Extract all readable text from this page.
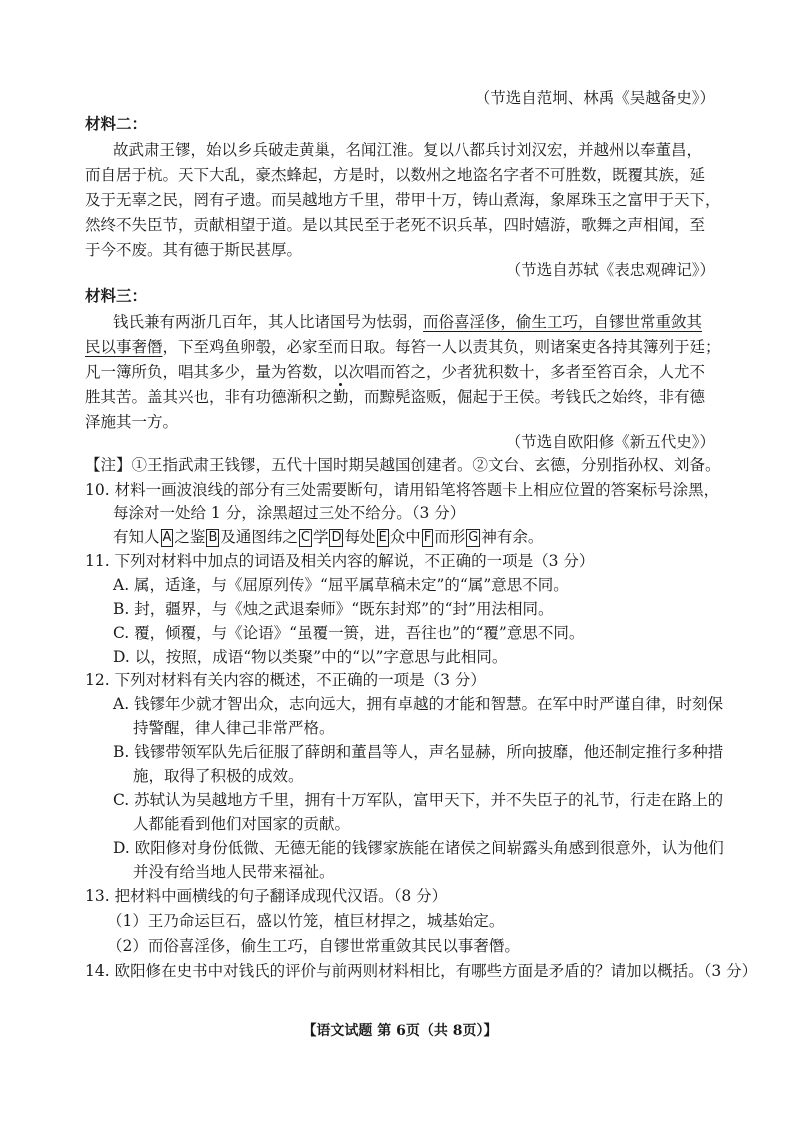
（节选自范坰、林禹《吴越备史》）
材料二：
故武肃王镠，始以乡兵破走黄巢，名闻江淮。复以八都兵讨刘汉宏，并越州以奉董昌，
而自居于杭。天下大乱，豪杰蜂起，方是时，以数州之地盗名字者不可胜数，既覆其族，延
及于无辜之民，罔有孑遗。而吴越地方千里，带甲十万，铸山煮海，象犀珠玉之富甲于天下，
然终不失臣节，贡献相望于道。是以其民至于老死不识兵革，四时嬉游，歌舞之声相闻，至
于今不废。其有德于斯民甚厚。
（节选自苏轼《表忠观碑记》）
材料三：
钱氏兼有两浙几百年，其人比诸国号为怯弱，而俗喜淫侈，偷生工巧，自镠世常重敛其
民以事奢僭，下至鸡鱼卵彀，必家至而日取。每笞一人以责其负，则诸案吏各持其簿列于廷；
凡一簿所负，唱其多少，量为笞数，以次唱而笞之，少者犹积数十，多者至笞百余，人尤不
胜其苦。盖其兴也，非有功德渐积之勤，而黥髡盗贩，倔起于王侯。考钱氏之始终，非有德
泽施其一方。
（节选自欧阳修《新五代史》）
【注】①王指武肃王钱镠，五代十国时期吴越国创建者。②文台、玄德，分别指孙权、刘备。
10. 材料一画波浪线的部分有三处需要断句，请用铅笔将答题卡上相应位置的答案标号涂黑，
每涂对一处给 1 分，涂黑超过三处不给分。（3 分）
有知人 A 之鉴 B 及通图纬之 C 学 D 每处 E 众中 F 而形 G 神有余。
11. 下列对材料中加点的词语及相关内容的解说，不正确的一项是（3 分）
A. 属，适逢，与《屈原列传》“屈平属草稿未定”的“属”意思不同。
B. 封，疆界，与《烛之武退秦师》“既东封郑”的“封”用法相同。
C. 覆，倾覆，与《论语》“虽覆一篑，进，吾往也”的“覆”意思不同。
D. 以，按照，成语“物以类聚”中的“以”字意思与此相同。
12. 下列对材料有关内容的概述，不正确的一项是（3 分）
A. 钱镠年少就才智出众，志向远大，拥有卓越的才能和智慧。在军中时严谨自律，时刻保
持警醒，律人律己非常严格。
B. 钱镠带领军队先后征服了薛朗和董昌等人，声名显赫，所向披靡，他还制定推行多种措
施，取得了积极的成效。
C. 苏轼认为吴越地方千里，拥有十万军队，富甲天下，并不失臣子的礼节，行走在路上的
人都能看到他们对国家的贡献。
D. 欧阳修对身份低微、无德无能的钱镠家族能在诸侯之间崭露头角感到很意外，认为他们
并没有给当地人民带来福祉。
13. 把材料中画横线的句子翻译成现代汉语。（8 分）
（1）王乃命运巨石，盛以竹笼，植巨材捍之，城基始定。
（2）而俗喜淫侈，偷生工巧，自镠世常重敛其民以事奢僭。
14. 欧阳修在史书中对钱氏的评价与前两则材料相比，有哪些方面是矛盾的？请加以概括。（3 分）
【语文试题 第 6页（共 8页）】
